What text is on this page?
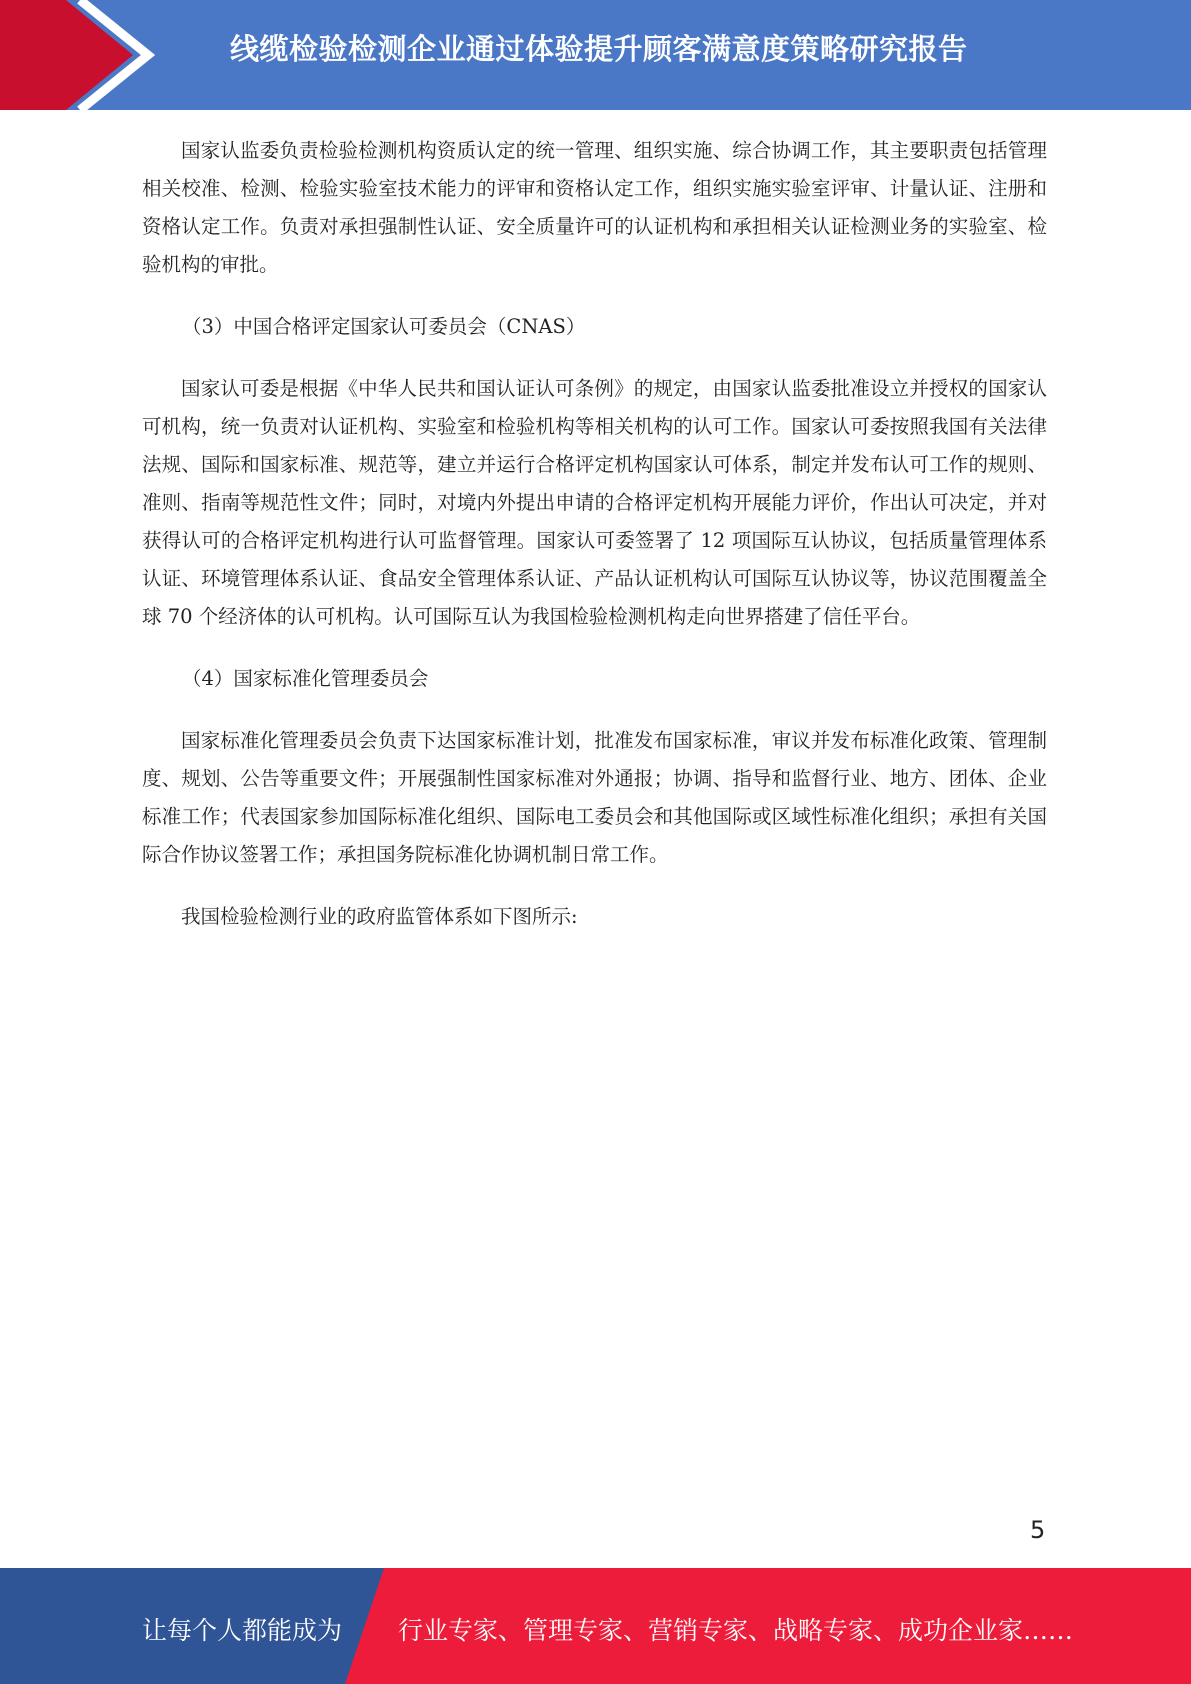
线缆检验检测企业通过体验提升顾客满意度策略研究报告

国家认监委负责检验检测机构资质认定的统一管理、组织实施、综合协调工作，其主要职责包括管理相关校准、检测、检验实验室技术能力的评审和资格认定工作，组织实施实验室评审、计量认证、注册和资格认定工作。负责对承担强制性认证、安全质量许可的认证机构和承担相关认证检测业务的实验室、检验机构的审批。

（3）中国合格评定国家认可委员会（CNAS）

国家认可委是根据《中华人民共和国认证认可条例》的规定，由国家认监委批准设立并授权的国家认可机构，统一负责对认证机构、实验室和检验机构等相关机构的认可工作。国家认可委按照我国有关法律法规、国际和国家标准、规范等，建立并运行合格评定机构国家认可体系，制定并发布认可工作的规则、准则、指南等规范性文件；同时，对境内外提出申请的合格评定机构开展能力评价，作出认可决定，并对获得认可的合格评定机构进行认可监督管理。国家认可委签署了 12 项国际互认协议，包括质量管理体系认证、环境管理体系认证、食品安全管理体系认证、产品认证机构认可国际互认协议等，协议范围覆盖全球 70 个经济体的认可机构。认可国际互认为我国检验检测机构走向世界搭建了信任平台。

（4）国家标准化管理委员会

国家标准化管理委员会负责下达国家标准计划，批准发布国家标准，审议并发布标准化政策、管理制度、规划、公告等重要文件；开展强制性国家标准对外通报；协调、指导和监督行业、地方、团体、企业标准工作；代表国家参加国际标准化组织、国际电工委员会和其他国际或区域性标准化组织；承担有关国际合作协议签署工作；承担国务院标准化协调机制日常工作。

我国检验检测行业的政府监管体系如下图所示:

5
让每个人都能成为 行业专家、管理专家、营销专家、战略专家、成功企业家……
